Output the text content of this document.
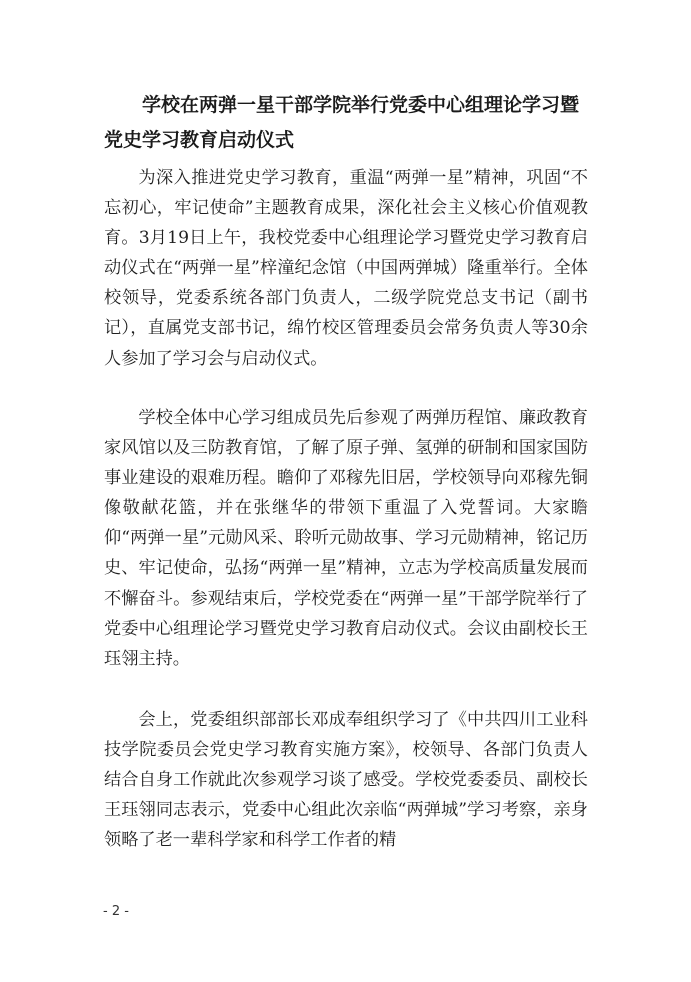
学校在两弹一星干部学院举行党委中心组理论学习暨
党史学习教育启动仪式

为深入推进党史学习教育，重温“两弹一星”精神，巩固“不忘初心，牢记使命”主题教育成果，深化社会主义核心价值观教育。3月19日上午，我校党委中心组理论学习暨党史学习教育启动仪式在“两弹一星”梓潼纪念馆（中国两弹城）隆重举行。全体校领导，党委系统各部门负责人，二级学院党总支书记（副书记），直属党支部书记，绵竹校区管理委员会常务负责人等30余人参加了学习会与启动仪式。

学校全体中心学习组成员先后参观了两弹历程馆、廉政教育家风馆以及三防教育馆，了解了原子弹、氢弹的研制和国家国防事业建设的艰难历程。瞻仰了邓稼先旧居，学校领导向邓稼先铜像敬献花篮，并在张继华的带领下重温了入党誓词。大家瞻仰“两弹一星”元勋风采、聆听元勋故事、学习元勋精神，铭记历史、牢记使命，弘扬“两弹一星”精神，立志为学校高质量发展而不懈奋斗。参观结束后，学校党委在“两弹一星”干部学院举行了党委中心组理论学习暨党史学习教育启动仪式。会议由副校长王珏翎主持。

会上，党委组织部部长邓成奉组织学习了《中共四川工业科技学院委员会党史学习教育实施方案》，校领导、各部门负责人结合自身工作就此次参观学习谈了感受。学校党委委员、副校长王珏翎同志表示，党委中心组此次亲临“两弹城”学习考察，亲身领略了老一辈科学家和科学工作者的精

- 2 -
